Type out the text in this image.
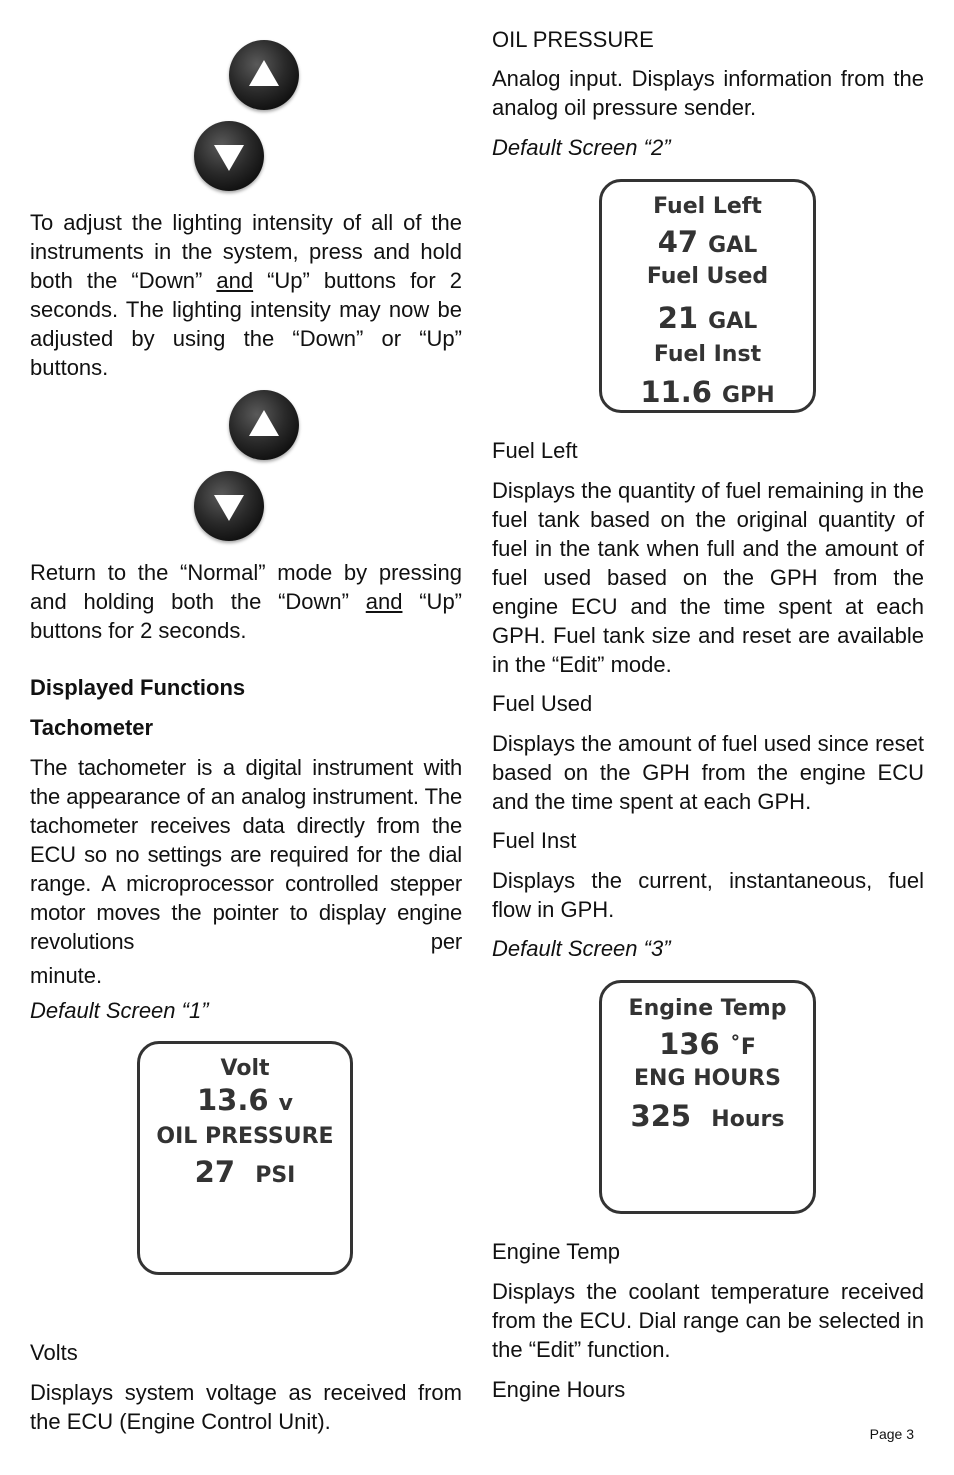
To adjust the lighting intensity of all of the instruments in the system, press and hold both the “Down” and “Up” buttons for 2 seconds. The lighting intensity may now be adjusted by using the “Down” or “Up” buttons.
Return to the “Normal” mode by pressing and holding both the “Down” and “Up” buttons for 2 seconds.
Displayed Functions
Tachometer
The tachometer is a digital instrument with the appearance of an analog instrument. The tachometer receives data directly from the ECU so no settings are required for the dial range. A microprocessor controlled stepper motor moves the pointer to display engine revolutions per
minute.
Default Screen “1”
Volt
13.6 v
OIL PRESSURE
27 PSI
Volts
Displays system voltage as received from the ECU (Engine Control Unit).
OIL PRESSURE
Analog input. Displays information from the analog oil pressure sender.
Default Screen “2”
Fuel Left
47 GAL
Fuel Used
21 GAL
Fuel Inst
11.6 GPH
Fuel Left
Displays the quantity of fuel remaining in the fuel tank based on the original quantity of fuel in the tank when full and the amount of fuel used based on the GPH from the engine ECU and the time spent at each GPH. Fuel tank size and reset are available in the “Edit” mode.
Fuel Used
Displays the amount of fuel used since reset based on the GPH from the engine ECU and the time spent at each GPH.
Fuel Inst
Displays the current, instantaneous, fuel flow in GPH.
Default Screen “3”
Engine Temp
136 ˚F
ENG HOURS
325 Hours
Engine Temp
Displays the coolant temperature received from the ECU. Dial range can be selected in the “Edit” function.
Engine Hours
Page 3
